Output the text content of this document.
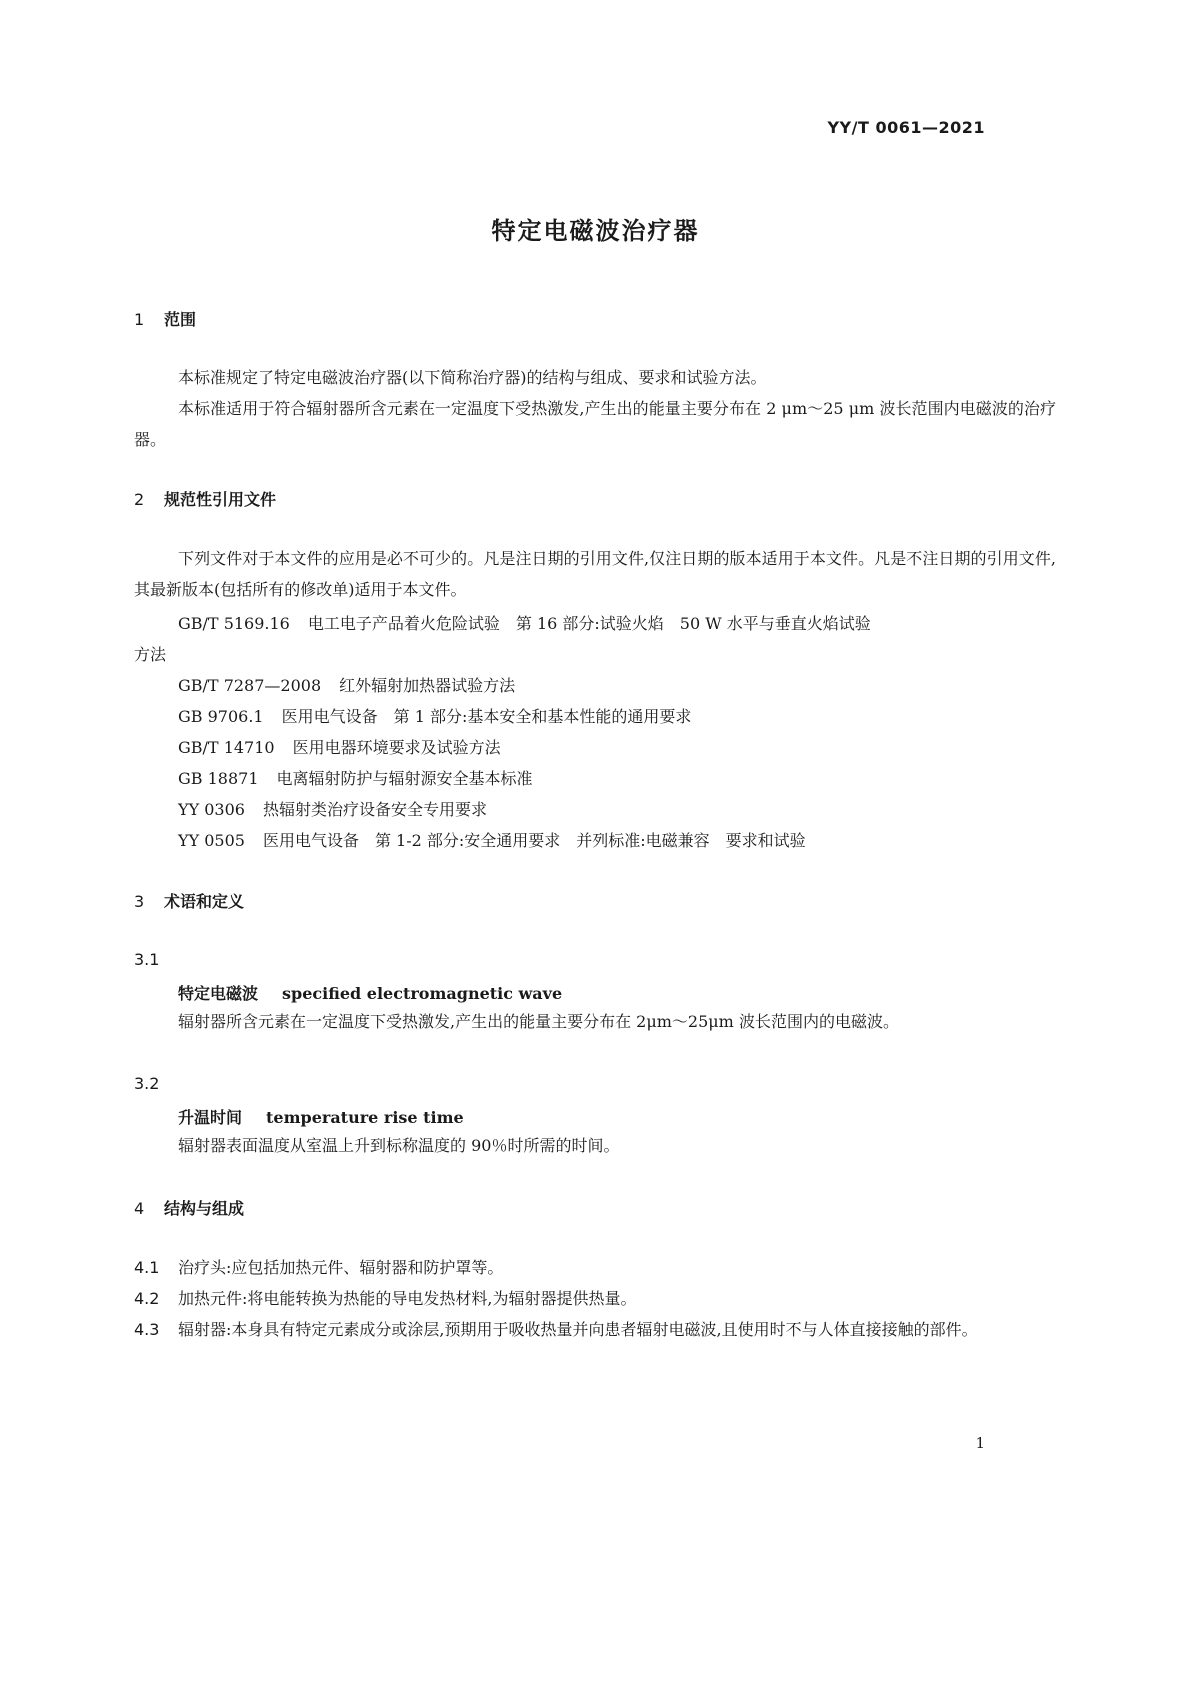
YY/T 0061—2021
特定电磁波治疗器
1 范围
本标准规定了特定电磁波治疗器(以下简称治疗器)的结构与组成、要求和试验方法。
本标准适用于符合辐射器所含元素在一定温度下受热激发,产生出的能量主要分布在 2 μm～25 μm 波长范围内电磁波的治疗器。
2 规范性引用文件
下列文件对于本文件的应用是必不可少的。凡是注日期的引用文件,仅注日期的版本适用于本文件。凡是不注日期的引用文件,其最新版本(包括所有的修改单)适用于本文件。
GB/T 5169.16 电工电子产品着火危险试验　第 16 部分:试验火焰　50 W 水平与垂直火焰试验
方法
GB/T 7287—2008 红外辐射加热器试验方法
GB 9706.1 医用电气设备　第 1 部分:基本安全和基本性能的通用要求
GB/T 14710 医用电器环境要求及试验方法
GB 18871 电离辐射防护与辐射源安全基本标准
YY 0306 热辐射类治疗设备安全专用要求
YY 0505 医用电气设备　第 1-2 部分:安全通用要求　并列标准:电磁兼容　要求和试验
3 术语和定义
3.1
特定电磁波 specified electromagnetic wave
辐射器所含元素在一定温度下受热激发,产生出的能量主要分布在 2μm～25μm 波长范围内的电磁波。
3.2
升温时间 temperature rise time
辐射器表面温度从室温上升到标称温度的 90％时所需的时间。
4 结构与组成
4.1 治疗头:应包括加热元件、辐射器和防护罩等。
4.2 加热元件:将电能转换为热能的导电发热材料,为辐射器提供热量。
4.3 辐射器:本身具有特定元素成分或涂层,预期用于吸收热量并向患者辐射电磁波,且使用时不与人体直接接触的部件。
1
